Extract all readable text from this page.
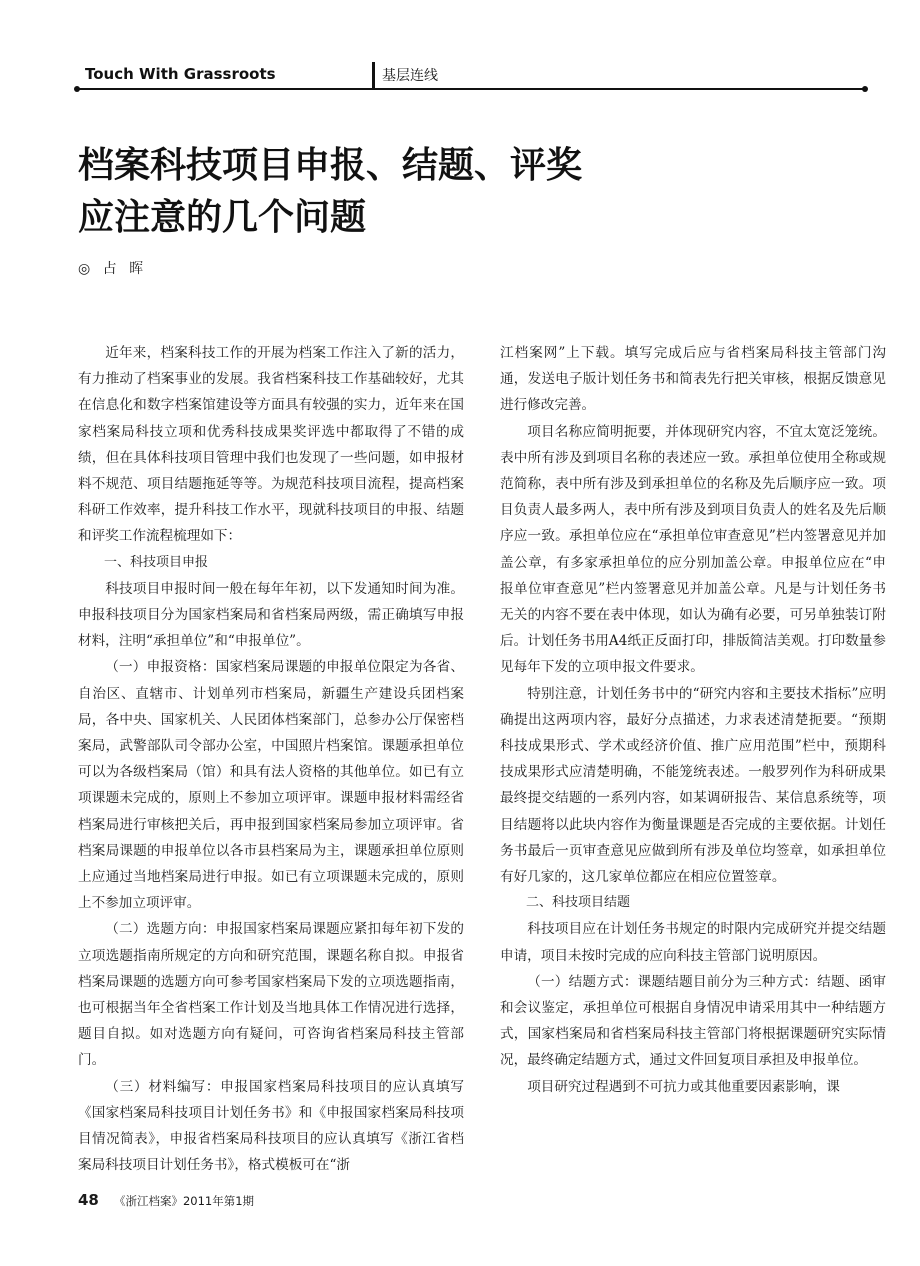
Touch With Grassroots	基层连线
档案科技项目申报、结题、评奖
应注意的几个问题
◎ 占 晖

近年来，档案科技工作的开展为档案工作注入了新的活力，有力推动了档案事业的发展。我省档案科技工作基础较好，尤其在信息化和数字档案馆建设等方面具有较强的实力，近年来在国家档案局科技立项和优秀科技成果奖评选中都取得了不错的成绩，但在具体科技项目管理中我们也发现了一些问题，如申报材料不规范、项目结题拖延等等。为规范科技项目流程，提高档案科研工作效率，提升科技工作水平，现就科技项目的申报、结题和评奖工作流程梳理如下：

一、科技项目申报

科技项目申报时间一般在每年年初，以下发通知时间为准。申报科技项目分为国家档案局和省档案局两级，需正确填写申报材料，注明“承担单位”和“申报单位”。

（一）申报资格：国家档案局课题的申报单位限定为各省、自治区、直辖市、计划单列市档案局，新疆生产建设兵团档案局，各中央、国家机关、人民团体档案部门，总参办公厅保密档案局，武警部队司令部办公室，中国照片档案馆。课题承担单位可以为各级档案局（馆）和具有法人资格的其他单位。如已有立项课题未完成的，原则上不参加立项评审。课题申报材料需经省档案局进行审核把关后，再申报到国家档案局参加立项评审。省档案局课题的申报单位以各市县档案局为主，课题承担单位原则上应通过当地档案局进行申报。如已有立项课题未完成的，原则上不参加立项评审。

（二）选题方向：申报国家档案局课题应紧扣每年初下发的立项选题指南所规定的方向和研究范围，课题名称自拟。申报省档案局课题的选题方向可参考国家档案局下发的立项选题指南，也可根据当年全省档案工作计划及当地具体工作情况进行选择，题目自拟。如对选题方向有疑问，可咨询省档案局科技主管部门。

（三）材料编写：申报国家档案局科技项目的应认真填写《国家档案局科技项目计划任务书》和《申报国家档案局科技项目情况简表》，申报省档案局科技项目的应认真填写《浙江省档案局科技项目计划任务书》，格式模板可在“浙

江档案网”上下载。填写完成后应与省档案局科技主管部门沟通，发送电子版计划任务书和简表先行把关审核，根据反馈意见进行修改完善。

项目名称应简明扼要，并体现研究内容，不宜太宽泛笼统。表中所有涉及到项目名称的表述应一致。承担单位使用全称或规范简称，表中所有涉及到承担单位的名称及先后顺序应一致。项目负责人最多两人，表中所有涉及到项目负责人的姓名及先后顺序应一致。承担单位应在“承担单位审查意见”栏内签署意见并加盖公章，有多家承担单位的应分别加盖公章。申报单位应在“申报单位审查意见”栏内签署意见并加盖公章。凡是与计划任务书无关的内容不要在表中体现，如认为确有必要，可另单独装订附后。计划任务书用A4纸正反面打印，排版简洁美观。打印数量参见每年下发的立项申报文件要求。

特别注意，计划任务书中的“研究内容和主要技术指标”应明确提出这两项内容，最好分点描述，力求表述清楚扼要。“预期科技成果形式、学术或经济价值、推广应用范围”栏中，预期科技成果形式应清楚明确，不能笼统表述。一般罗列作为科研成果最终提交结题的一系列内容，如某调研报告、某信息系统等，项目结题将以此块内容作为衡量课题是否完成的主要依据。计划任务书最后一页审查意见应做到所有涉及单位均签章，如承担单位有好几家的，这几家单位都应在相应位置签章。

二、科技项目结题

科技项目应在计划任务书规定的时限内完成研究并提交结题申请，项目未按时完成的应向科技主管部门说明原因。

（一）结题方式：课题结题目前分为三种方式：结题、函审和会议鉴定，承担单位可根据自身情况申请采用其中一种结题方式，国家档案局和省档案局科技主管部门将根据课题研究实际情况，最终确定结题方式，通过文件回复项目承担及申报单位。

项目研究过程遇到不可抗力或其他重要因素影响，课

48 《浙江档案》2011年第1期
